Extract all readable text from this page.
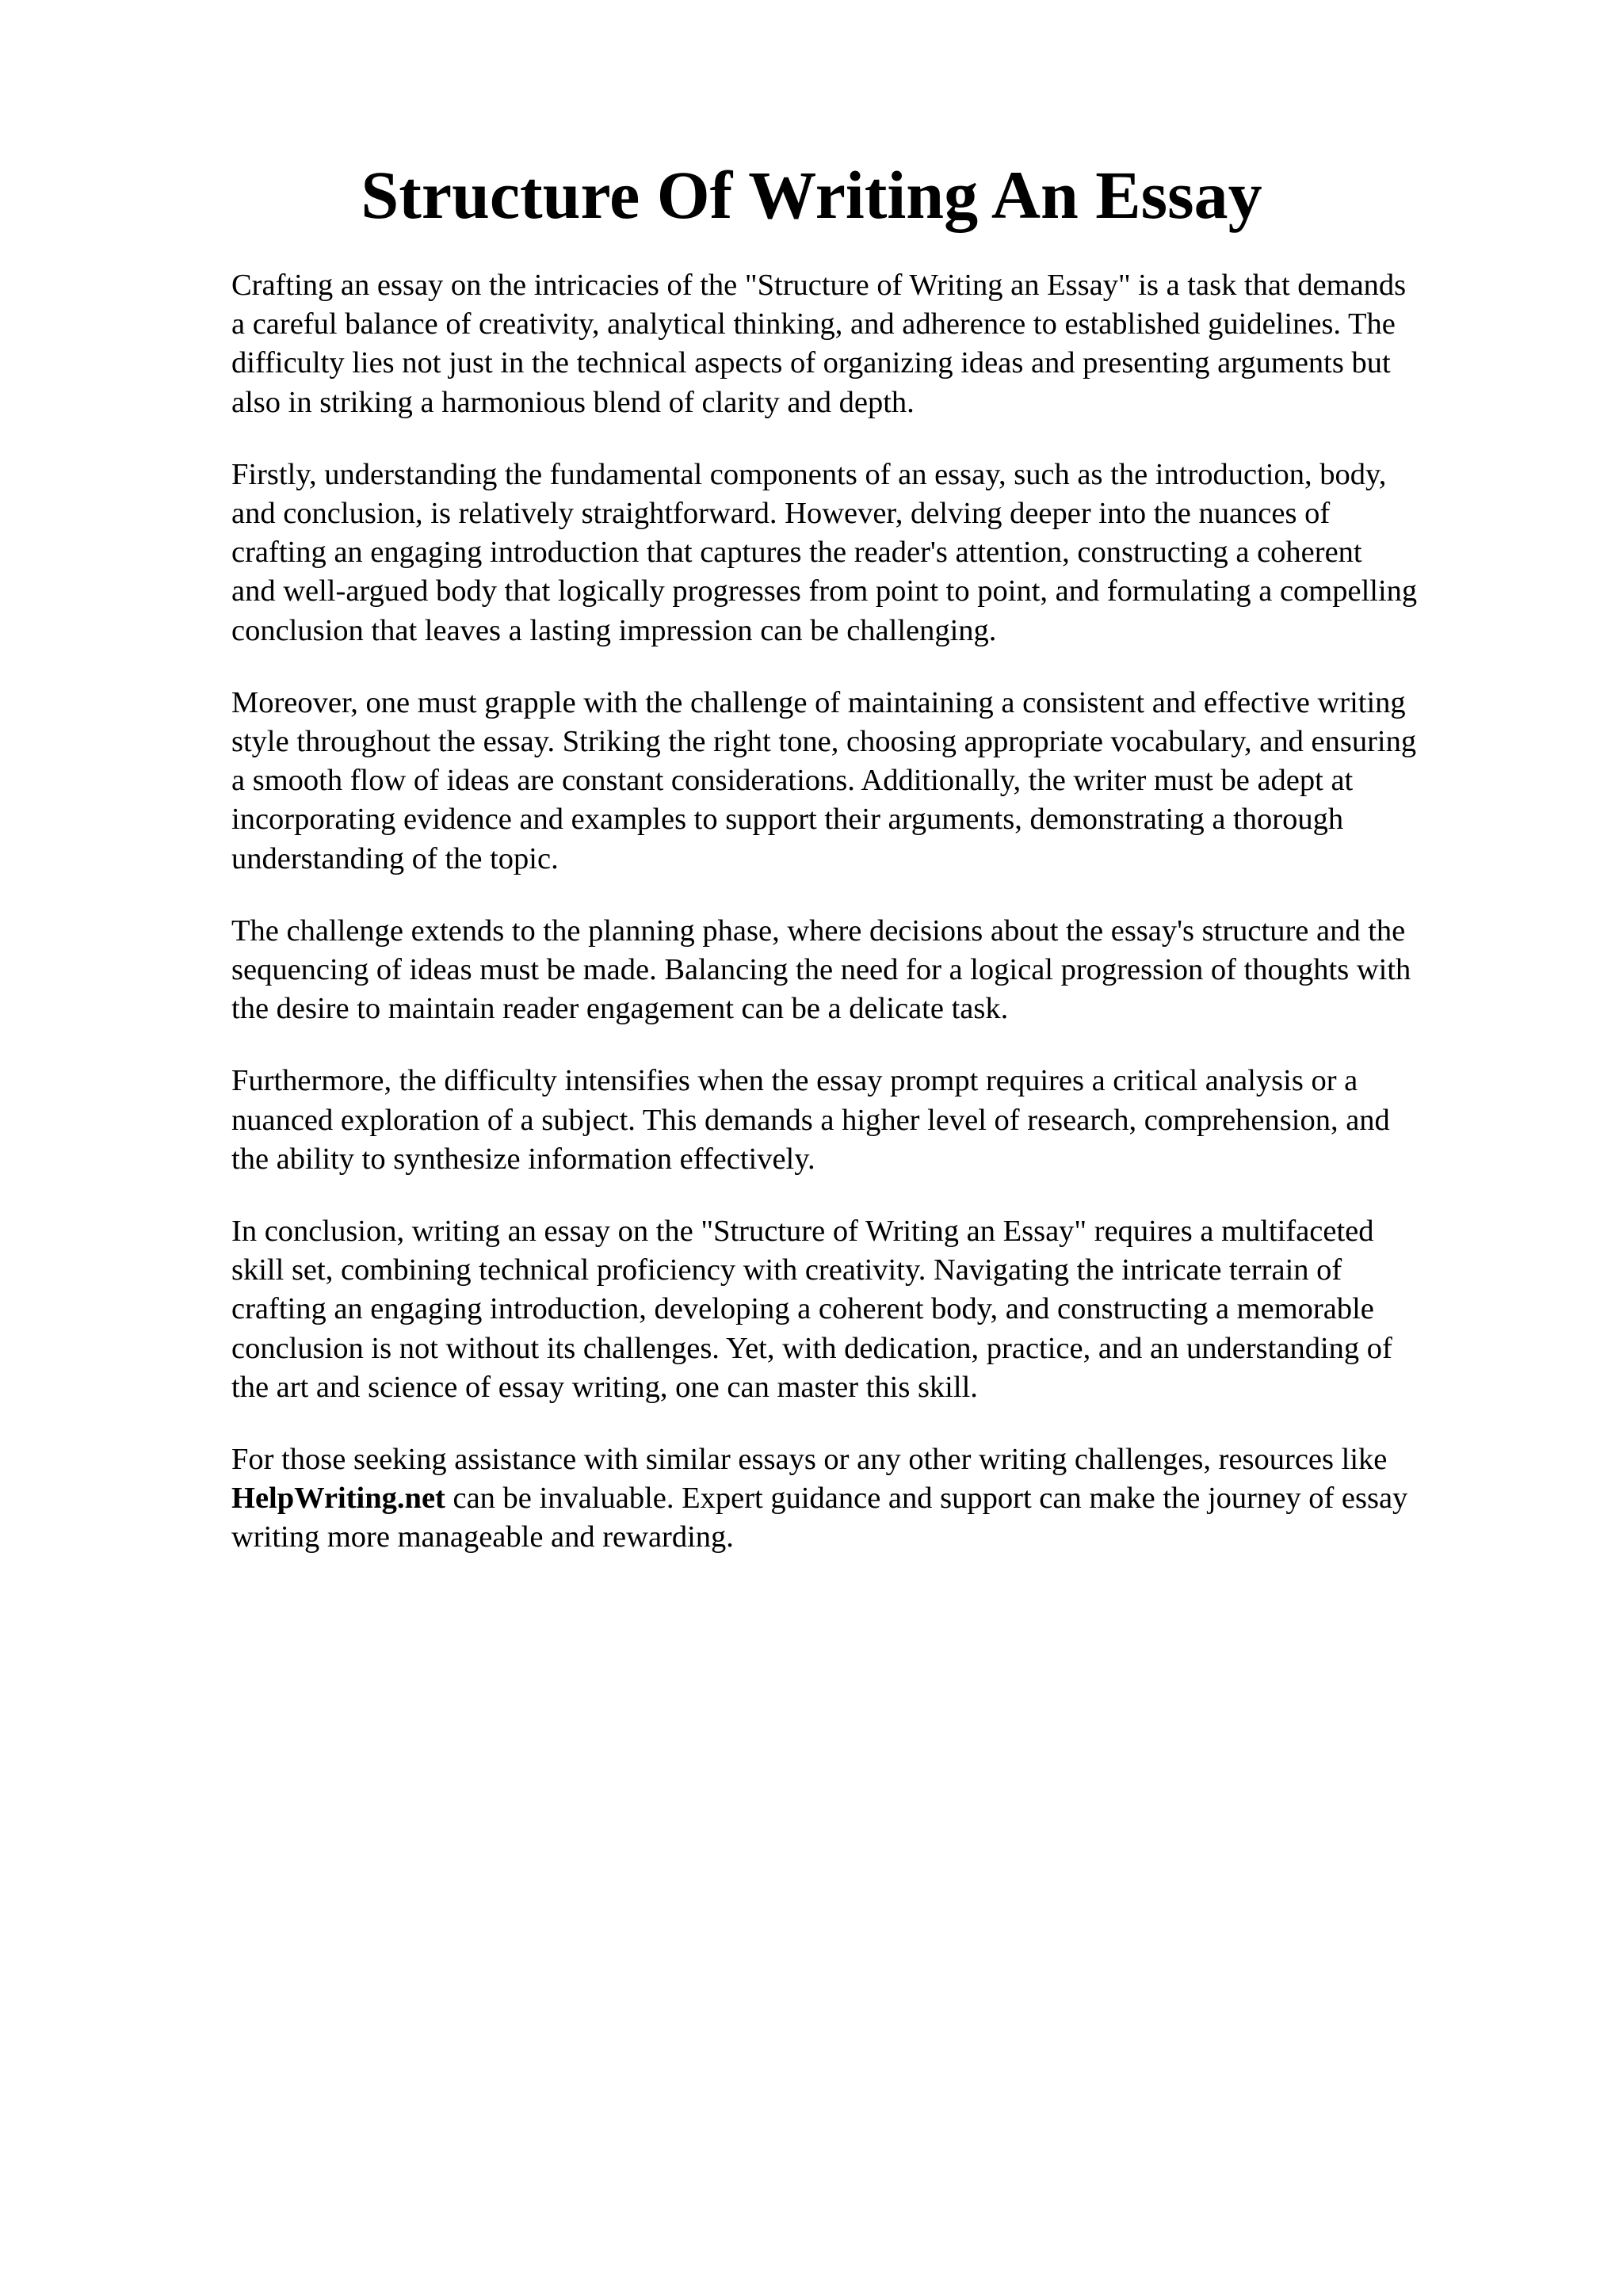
Structure Of Writing An Essay

Crafting an essay on the intricacies of the "Structure of Writing an Essay" is a task that demands
a careful balance of creativity, analytical thinking, and adherence to established guidelines. The
difficulty lies not just in the technical aspects of organizing ideas and presenting arguments but
also in striking a harmonious blend of clarity and depth.

Firstly, understanding the fundamental components of an essay, such as the introduction, body,
and conclusion, is relatively straightforward. However, delving deeper into the nuances of
crafting an engaging introduction that captures the reader's attention, constructing a coherent
and well-argued body that logically progresses from point to point, and formulating a compelling
conclusion that leaves a lasting impression can be challenging.

Moreover, one must grapple with the challenge of maintaining a consistent and effective writing
style throughout the essay. Striking the right tone, choosing appropriate vocabulary, and ensuring
a smooth flow of ideas are constant considerations. Additionally, the writer must be adept at
incorporating evidence and examples to support their arguments, demonstrating a thorough
understanding of the topic.

The challenge extends to the planning phase, where decisions about the essay's structure and the
sequencing of ideas must be made. Balancing the need for a logical progression of thoughts with
the desire to maintain reader engagement can be a delicate task.

Furthermore, the difficulty intensifies when the essay prompt requires a critical analysis or a
nuanced exploration of a subject. This demands a higher level of research, comprehension, and
the ability to synthesize information effectively.

In conclusion, writing an essay on the "Structure of Writing an Essay" requires a multifaceted
skill set, combining technical proficiency with creativity. Navigating the intricate terrain of
crafting an engaging introduction, developing a coherent body, and constructing a memorable
conclusion is not without its challenges. Yet, with dedication, practice, and an understanding of
the art and science of essay writing, one can master this skill.

For those seeking assistance with similar essays or any other writing challenges, resources like
HelpWriting.net can be invaluable. Expert guidance and support can make the journey of essay
writing more manageable and rewarding.
